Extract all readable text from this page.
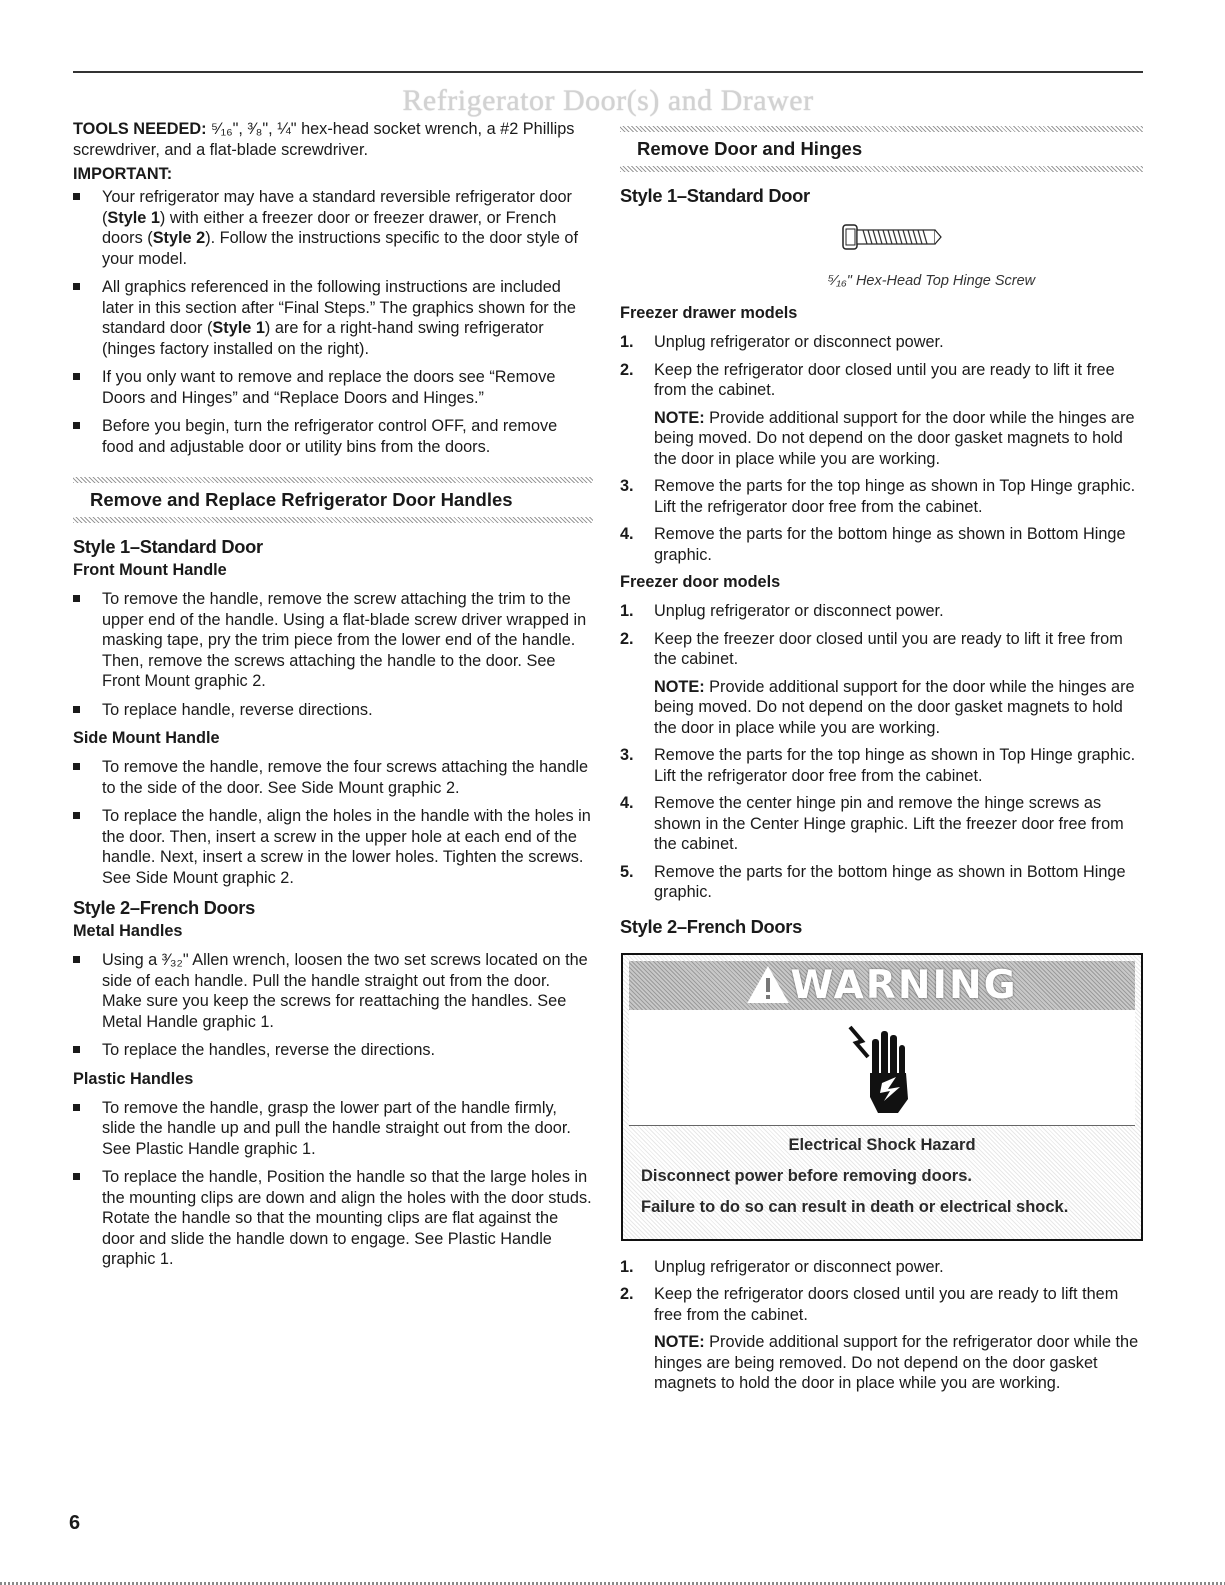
Refrigerator Door(s) and Drawer

TOOLS NEEDED: ⁵⁄₁₆", ³⁄₈", ¼" hex-head socket wrench, a #2 Phillips screwdriver, and a flat-blade screwdriver.

IMPORTANT:
Your refrigerator may have a standard reversible refrigerator door (Style 1) with either a freezer door or freezer drawer, or French doors (Style 2). Follow the instructions specific to the door style of your model.
All graphics referenced in the following instructions are included later in this section after “Final Steps.” The graphics shown for the standard door (Style 1) are for a right-hand swing refrigerator (hinges factory installed on the right).
If you only want to remove and replace the doors see “Remove Doors and Hinges” and “Replace Doors and Hinges.”
Before you begin, turn the refrigerator control OFF, and remove food and adjustable door or utility bins from the doors.
Remove and Replace Refrigerator Door Handles
Style 1–Standard Door
Front Mount Handle
To remove the handle, remove the screw attaching the trim to the upper end of the handle. Using a flat-blade screw driver wrapped in masking tape, pry the trim piece from the lower end of the handle. Then, remove the screws attaching the handle to the door. See Front Mount graphic 2.
To replace handle, reverse directions.
Side Mount Handle
To remove the handle, remove the four screws attaching the handle to the side of the door. See Side Mount graphic 2.
To replace the handle, align the holes in the handle with the holes in the door. Then, insert a screw in the upper hole at each end of the handle. Next, insert a screw in the lower holes. Tighten the screws. See Side Mount graphic 2.
Style 2–French Doors
Metal Handles
Using a ³⁄₃₂" Allen wrench, loosen the two set screws located on the side of each handle. Pull the handle straight out from the door. Make sure you keep the screws for reattaching the handles. See Metal Handle graphic 1.
To replace the handles, reverse the directions.
Plastic Handles
To remove the handle, grasp the lower part of the handle firmly, slide the handle up and pull the handle straight out from the door. See Plastic Handle graphic 1.
To replace the handle, Position the handle so that the large holes in the mounting clips are down and align the holes with the door studs. Rotate the handle so that the mounting clips are flat against the door and slide the handle down to engage. See Plastic Handle graphic 1.
Remove Door and Hinges
Style 1–Standard Door
⁵⁄₁₆" Hex-Head Top Hinge Screw
Freezer drawer models
1. Unplug refrigerator or disconnect power.
2. Keep the refrigerator door closed until you are ready to lift it free from the cabinet.
NOTE: Provide additional support for the door while the hinges are being moved. Do not depend on the door gasket magnets to hold the door in place while you are working.
3. Remove the parts for the top hinge as shown in Top Hinge graphic. Lift the refrigerator door free from the cabinet.
4. Remove the parts for the bottom hinge as shown in Bottom Hinge graphic.
Freezer door models
1. Unplug refrigerator or disconnect power.
2. Keep the freezer door closed until you are ready to lift it free from the cabinet.
NOTE: Provide additional support for the door while the hinges are being moved. Do not depend on the door gasket magnets to hold the door in place while you are working.
3. Remove the parts for the top hinge as shown in Top Hinge graphic. Lift the refrigerator door free from the cabinet.
4. Remove the center hinge pin and remove the hinge screws as shown in the Center Hinge graphic. Lift the freezer door free from the cabinet.
5. Remove the parts for the bottom hinge as shown in Bottom Hinge graphic.
Style 2–French Doors
WARNING

Electrical Shock Hazard

Disconnect power before removing doors.

Failure to do so can result in death or electrical shock.

1. Unplug refrigerator or disconnect power.
2. Keep the refrigerator doors closed until you are ready to lift them free from the cabinet.
NOTE: Provide additional support for the refrigerator door while the hinges are being removed. Do not depend on the door gasket magnets to hold the door in place while you are working.
6
